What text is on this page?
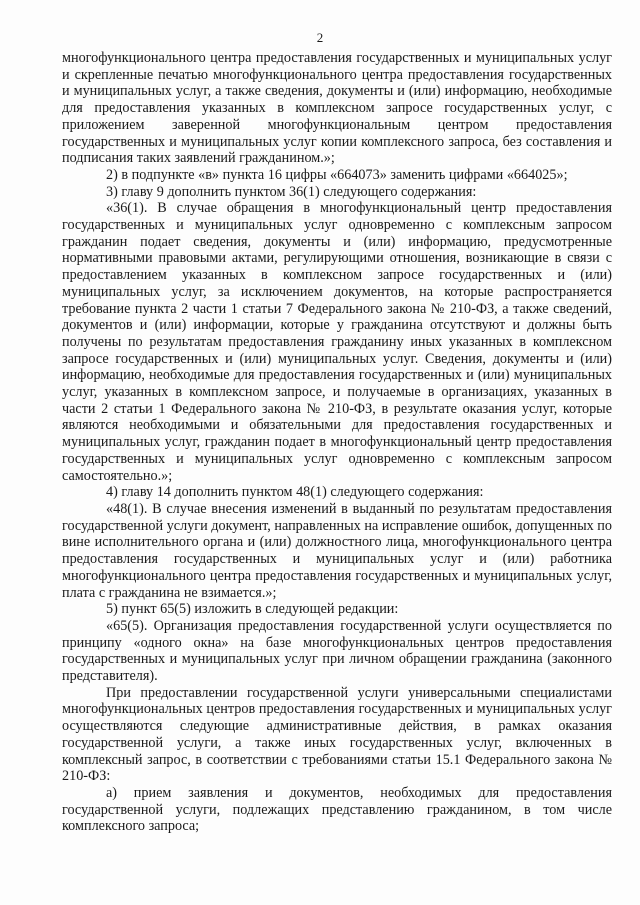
2

многофункционального центра предоставления государственных и муниципальных услуг и скрепленные печатью многофункционального центра предоставления государственных и муниципальных услуг, а также сведения, документы и (или) информацию, необходимые для предоставления указанных в комплексном запросе государственных услуг, с приложением заверенной многофункциональным центром предоставления государственных и муниципальных услуг копии комплексного запроса, без составления и подписания таких заявлений гражданином.»;

2) в подпункте «в» пункта 16 цифры «664073» заменить цифрами «664025»;

3) главу 9 дополнить пунктом 36(1) следующего содержания:

«36(1). В случае обращения в многофункциональный центр предоставления государственных и муниципальных услуг одновременно с комплексным запросом гражданин подает сведения, документы и (или) информацию, предусмотренные нормативными правовыми актами, регулирующими отношения, возникающие в связи с предоставлением указанных в комплексном запросе государственных и (или) муниципальных услуг, за исключением документов, на которые распространяется требование пункта 2 части 1 статьи 7 Федерального закона № 210-ФЗ, а также сведений, документов и (или) информации, которые у гражданина отсутствуют и должны быть получены по результатам предоставления гражданину иных указанных в комплексном запросе государственных и (или) муниципальных услуг. Сведения, документы и (или) информацию, необходимые для предоставления государственных и (или) муниципальных услуг, указанных в комплексном запросе, и получаемые в организациях, указанных в части 2 статьи 1 Федерального закона № 210-ФЗ, в результате оказания услуг, которые являются необходимыми и обязательными для предоставления государственных и муниципальных услуг, гражданин подает в многофункциональный центр предоставления государственных и муниципальных услуг одновременно с комплексным запросом самостоятельно.»;

4) главу 14 дополнить пунктом 48(1) следующего содержания:

«48(1). В случае внесения изменений в выданный по результатам предоставления государственной услуги документ, направленных на исправление ошибок, допущенных по вине исполнительного органа и (или) должностного лица, многофункционального центра предоставления государственных и муниципальных услуг и (или) работника многофункционального центра предоставления государственных и муниципальных услуг, плата с гражданина не взимается.»;

5) пункт 65(5) изложить в следующей редакции:

«65(5). Организация предоставления государственной услуги осуществляется по принципу «одного окна» на базе многофункциональных центров предоставления государственных и муниципальных услуг при личном обращении гражданина (законного представителя).

При предоставлении государственной услуги универсальными специалистами многофункциональных центров предоставления государственных и муниципальных услуг осуществляются следующие административные действия, в рамках оказания государственной услуги, а также иных государственных услуг, включенных в комплексный запрос, в соответствии с требованиями статьи 15.1 Федерального закона № 210-ФЗ:

а) прием заявления и документов, необходимых для предоставления государственной услуги, подлежащих представлению гражданином, в том числе комплексного запроса;
